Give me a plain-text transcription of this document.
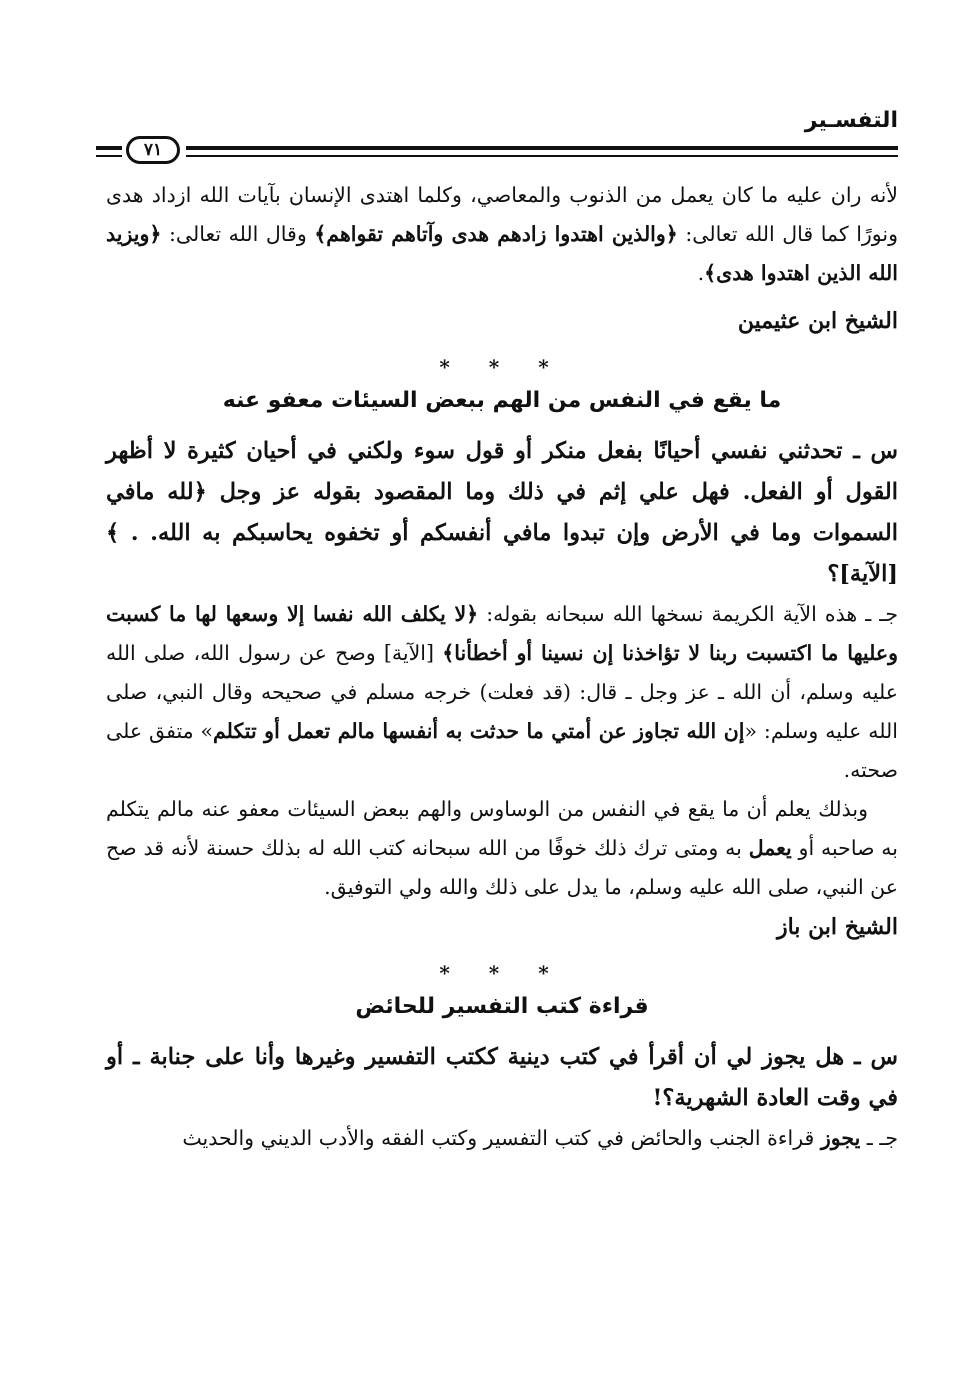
التفسـير
٧١

لأنه ران عليه ما كان يعمل من الذنوب والمعاصي، وكلما اهتدى الإنسان بآيات الله ازداد هدى ونورًا كما قال الله تعالى: ﴿والذين اهتدوا زادهم هدى وآتاهم تقواهم﴾ وقال الله تعالى: ﴿ويزيد الله الذين اهتدوا هدى﴾.

الشيخ ابن عثيمين

* * *
ما يقع في النفس من الهم ببعض السيئات معفو عنه

س ـ تحدثني نفسي أحيانًا بفعل منكر أو قول سوء ولكني في أحيان كثيرة لا أظهر القول أو الفعل. فهل علي إثم في ذلك وما المقصود بقوله عز وجل ﴿لله مافي السموات وما في الأرض وإن تبدوا مافي أنفسكم أو تخفوه يحاسبكم به الله. . ﴾ [الآية]؟

جـ ـ هذه الآية الكريمة نسخها الله سبحانه بقوله: ﴿لا يكلف الله نفسا إلا وسعها لها ما كسبت وعليها ما اكتسبت ربنا لا تؤاخذنا إن نسينا أو أخطأنا﴾ [الآية] وصح عن رسول الله، صلى الله عليه وسلم، أن الله ـ عز وجل ـ قال: (قد فعلت) خرجه مسلم في صحيحه وقال النبي، صلى الله عليه وسلم: «إن الله تجاوز عن أمتي ما حدثت به أنفسها مالم تعمل أو تتكلم» متفق على صحته.

وبذلك يعلم أن ما يقع في النفس من الوساوس والهم ببعض السيئات معفو عنه مالم يتكلم به صاحبه أو يعمل به ومتى ترك ذلك خوفًا من الله سبحانه كتب الله له بذلك حسنة لأنه قد صح عن النبي، صلى الله عليه وسلم، ما يدل على ذلك والله ولي التوفيق.

الشيخ ابن باز

* * *
قراءة كتب التفسير للحائض

س ـ هل يجوز لي أن أقرأ في كتب دينية ككتب التفسير وغيرها وأنا على جنابة ـ أو في وقت العادة الشهرية؟!

جـ ـ يجوز قراءة الجنب والحائض في كتب التفسير وكتب الفقه والأدب الديني والحديث
